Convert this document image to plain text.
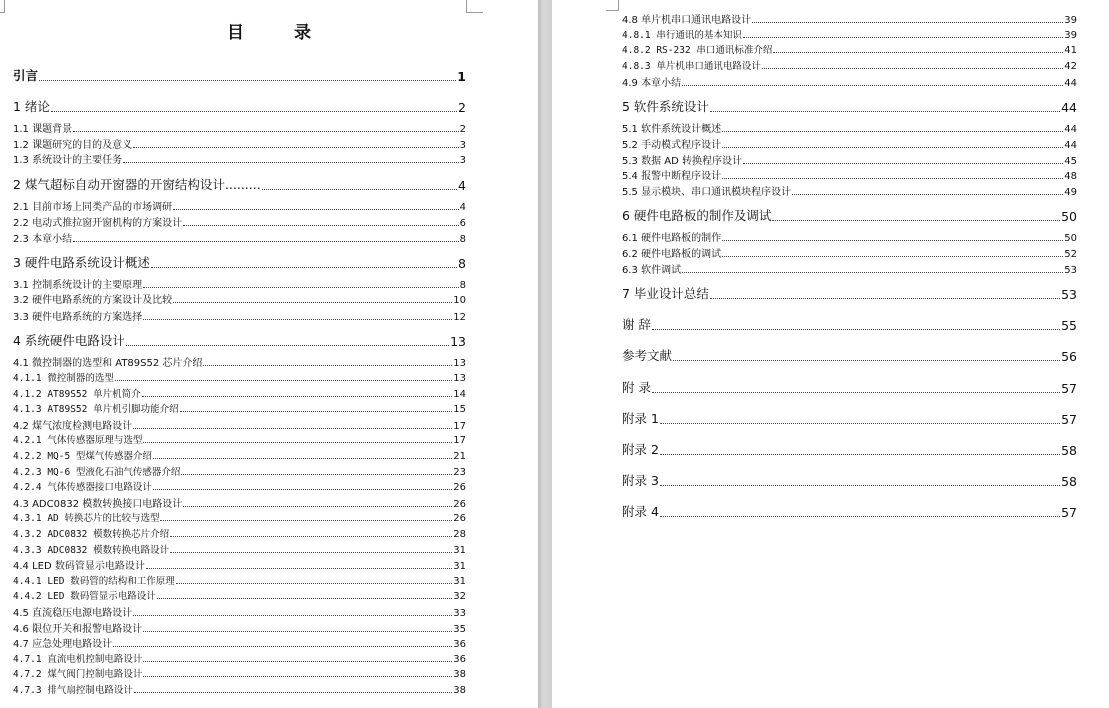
目 录
引言	1
1 绪论	2
1.1 课题背景	2
1.2 课题研究的目的及意义	3
1.3 系统设计的主要任务	3
2 煤气超标自动开窗器的开窗结构设计.........	4
2.1 目前市场上同类产品的市场调研	4
2.2 电动式推拉窗开窗机构的方案设计	6
2.3 本章小结	8
3 硬件电路系统设计概述	8
3.1 控制系统设计的主要原理	8
3.2 硬件电路系统的方案设计及比较	10
3.3 硬件电路系统的方案选择	12
4 系统硬件电路设计	13
4.1 微控制器的选型和 AT89S52 芯片介绍	13
4.1.1 微控制器的选型	13
4.1.2 AT89S52 单片机简介	14
4.1.3 AT89S52 单片机引脚功能介绍	15
4.2 煤气浓度检测电路设计	17
4.2.1 气体传感器原理与选型	17
4.2.2 MQ-5 型煤气传感器介绍	21
4.2.3 MQ-6 型液化石油气传感器介绍	23
4.2.4 气体传感器接口电路设计	26
4.3 ADC0832 模数转换接口电路设计	26
4.3.1 AD 转换芯片的比较与选型	26
4.3.2 ADC0832 模数转换芯片介绍	28
4.3.3 ADC0832 模数转换电路设计	31
4.4 LED 数码管显示电路设计	31
4.4.1 LED 数码管的结构和工作原理	31
4.4.2 LED 数码管显示电路设计	32
4.5 直流稳压电源电路设计	33
4.6 限位开关和报警电路设计	35
4.7 应急处理电路设计	36
4.7.1 直流电机控制电路设计	36
4.7.2 煤气阀门控制电路设计	38
4.7.3 排气扇控制电路设计	38
4.8 单片机串口通讯电路设计	39
4.8.1 串行通讯的基本知识	39
4.8.2 RS-232 串口通讯标准介绍	41
4.8.3 单片机串口通讯电路设计	42
4.9 本章小结	44
5 软件系统设计	44
5.1 软件系统设计概述	44
5.2 手动模式程序设计	44
5.3 数据 AD 转换程序设计	45
5.4 报警中断程序设计	48
5.5 显示模块、串口通讯模块程序设计	49
6 硬件电路板的制作及调试	50
6.1 硬件电路板的制作	50
6.2 硬件电路板的调试	52
6.3 软件调试	53
7 毕业设计总结	53
谢 辞	55
参考文献	56
附 录	57
附录 1	57
附录 2	58
附录 3	58
附录 4	57
